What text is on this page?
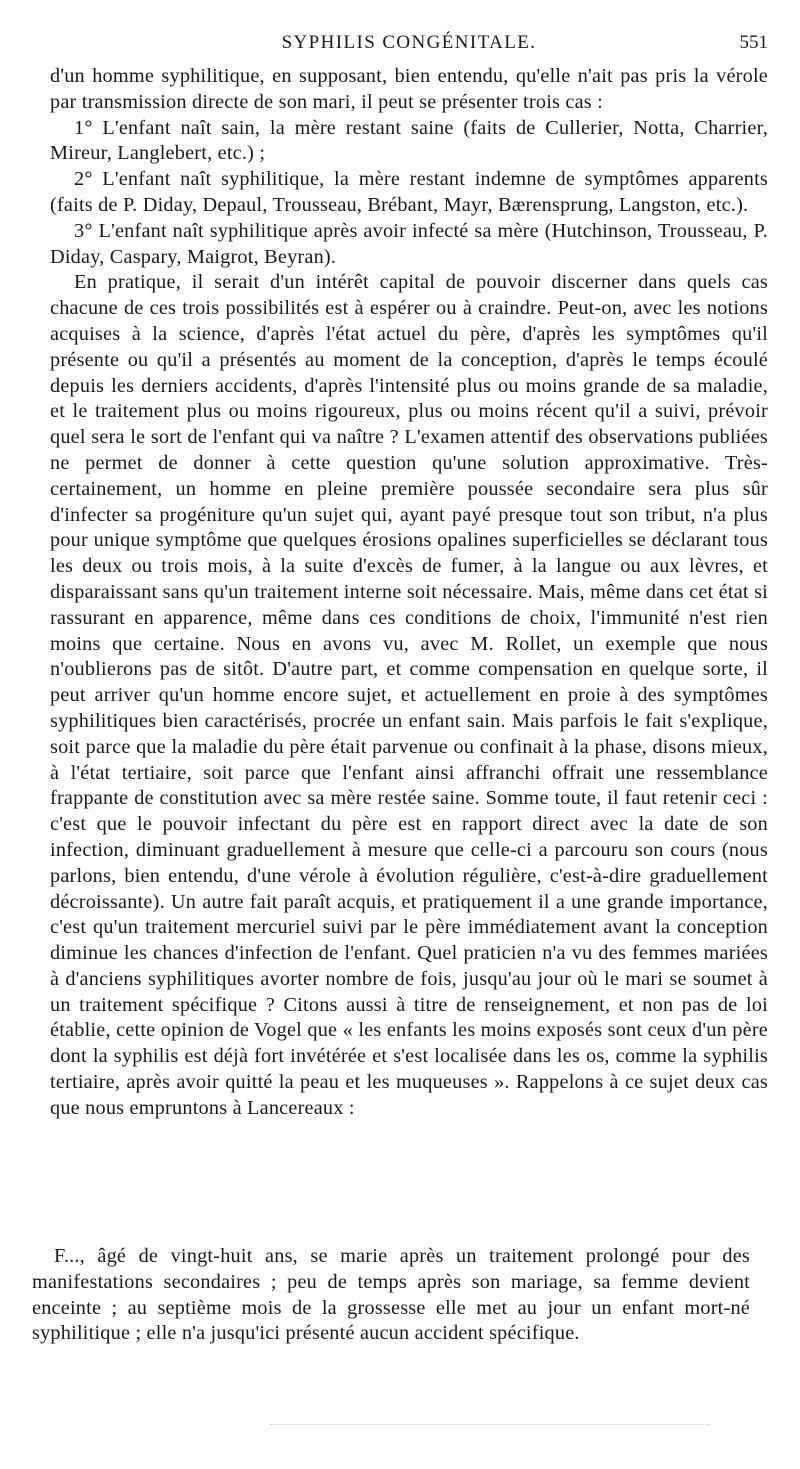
SYPHILIS CONGÉNITALE.	551

d'un homme syphilitique, en supposant, bien entendu, qu'elle n'ait pas pris la vérole par transmission directe de son mari, il peut se présenter trois cas :

1° L'enfant naît sain, la mère restant saine (faits de Cullerier, Notta, Charrier, Mireur, Langlebert, etc.) ;

2° L'enfant naît syphilitique, la mère restant indemne de symptômes apparents (faits de P. Diday, Depaul, Trousseau, Brébant, Mayr, Bærensprung, Langston, etc.).

3° L'enfant naît syphilitique après avoir infecté sa mère (Hutchinson, Trousseau, P. Diday, Caspary, Maigrot, Beyran).

En pratique, il serait d'un intérêt capital de pouvoir discerner dans quels cas chacune de ces trois possibilités est à espérer ou à craindre. Peut-on, avec les notions acquises à la science, d'après l'état actuel du père, d'après les symptômes qu'il présente ou qu'il a présentés au moment de la conception, d'après le temps écoulé depuis les derniers accidents, d'après l'intensité plus ou moins grande de sa maladie, et le traitement plus ou moins rigoureux, plus ou moins récent qu'il a suivi, prévoir quel sera le sort de l'enfant qui va naître ? L'examen attentif des observations publiées ne permet de donner à cette question qu'une solution approximative. Très-certainement, un homme en pleine première poussée secondaire sera plus sûr d'infecter sa progéniture qu'un sujet qui, ayant payé presque tout son tribut, n'a plus pour unique symptôme que quelques érosions opalines superficielles se déclarant tous les deux ou trois mois, à la suite d'excès de fumer, à la langue ou aux lèvres, et disparaissant sans qu'un traitement interne soit nécessaire. Mais, même dans cet état si rassurant en apparence, même dans ces conditions de choix, l'immunité n'est rien moins que certaine. Nous en avons vu, avec M. Rollet, un exemple que nous n'oublierons pas de sitôt. D'autre part, et comme compensation en quelque sorte, il peut arriver qu'un homme encore sujet, et actuellement en proie à des symptômes syphilitiques bien caractérisés, procrée un enfant sain. Mais parfois le fait s'explique, soit parce que la maladie du père était parvenue ou confinait à la phase, disons mieux, à l'état tertiaire, soit parce que l'enfant ainsi affranchi offrait une ressemblance frappante de constitution avec sa mère restée saine. Somme toute, il faut retenir ceci : c'est que le pouvoir infectant du père est en rapport direct avec la date de son infection, diminuant graduellement à mesure que celle-ci a parcouru son cours (nous parlons, bien entendu, d'une vérole à évolution régulière, c'est-à-dire graduellement décroissante). Un autre fait paraît acquis, et pratiquement il a une grande importance, c'est qu'un traitement mercuriel suivi par le père immédiatement avant la conception diminue les chances d'infection de l'enfant. Quel praticien n'a vu des femmes mariées à d'anciens syphilitiques avorter nombre de fois, jusqu'au jour où le mari se soumet à un traitement spécifique ? Citons aussi à titre de renseignement, et non pas de loi établie, cette opinion de Vogel que « les enfants les moins exposés sont ceux d'un père dont la syphilis est déjà fort invétérée et s'est localisée dans les os, comme la syphilis tertiaire, après avoir quitté la peau et les muqueuses ». Rappelons à ce sujet deux cas que nous empruntons à Lancereaux :

F..., âgé de vingt-huit ans, se marie après un traitement prolongé pour des manifestations secondaires ; peu de temps après son mariage, sa femme devient enceinte ; au septième mois de la grossesse elle met au jour un enfant mort-né syphilitique ; elle n'a jusqu'ici présenté aucun accident spécifique.
